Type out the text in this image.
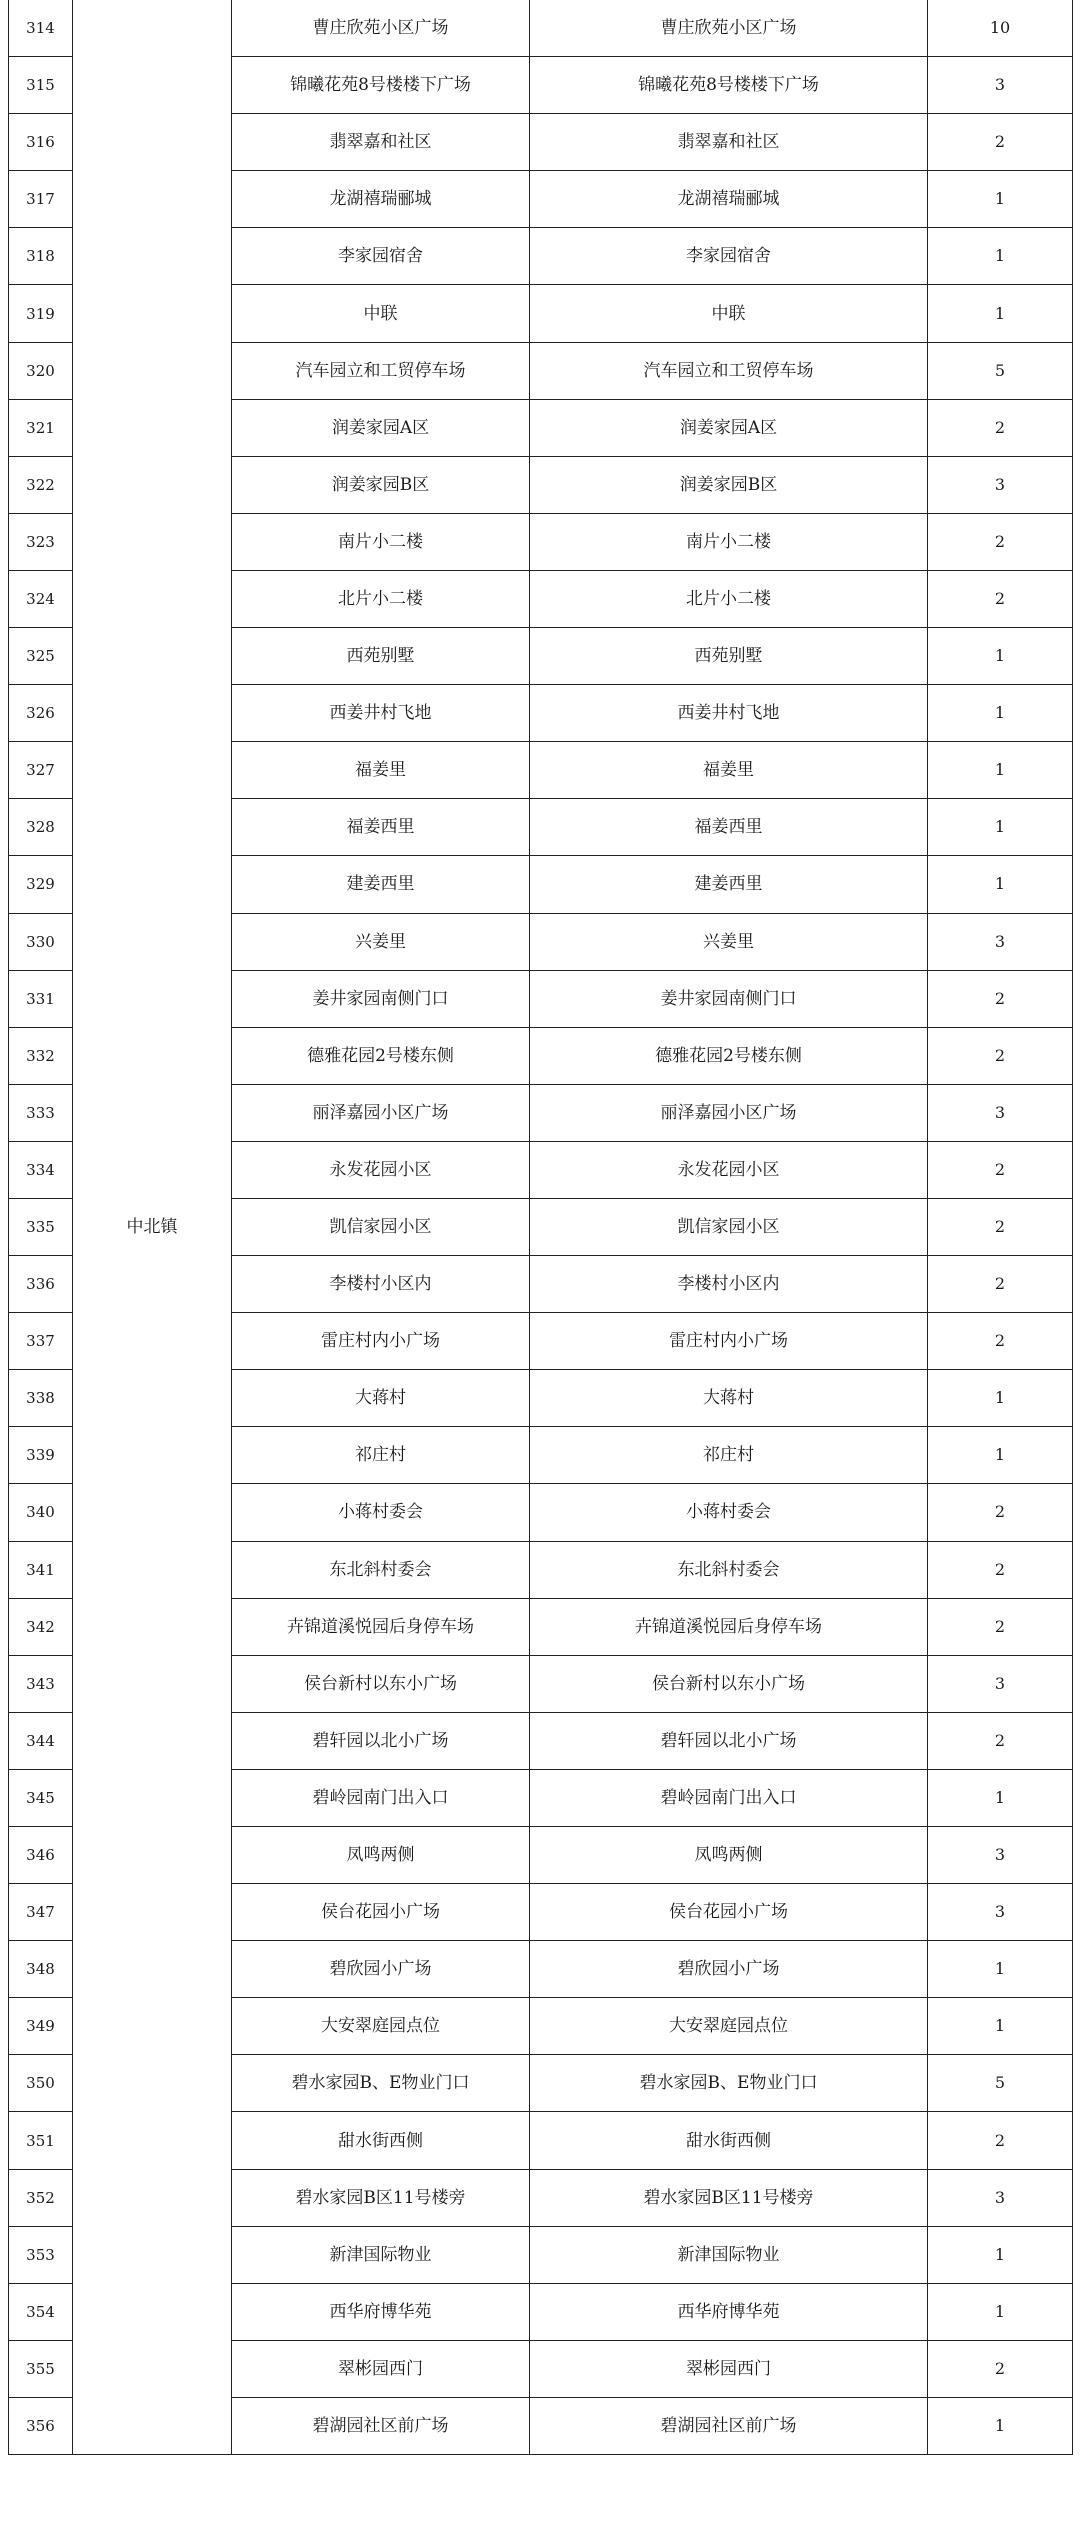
314	中北镇	曹庄欣苑小区广场	曹庄欣苑小区广场	10
315		锦曦花苑8号楼楼下广场	锦曦花苑8号楼楼下广场	3
316		翡翠嘉和社区	翡翠嘉和社区	2
317		龙湖禧瑞郦城	龙湖禧瑞郦城	1
318		李家园宿舍	李家园宿舍	1
319		中联	中联	1
320		汽车园立和工贸停车场	汽车园立和工贸停车场	5
321		润姜家园A区	润姜家园A区	2
322		润姜家园B区	润姜家园B区	3
323		南片小二楼	南片小二楼	2
324		北片小二楼	北片小二楼	2
325		西苑别墅	西苑别墅	1
326		西姜井村飞地	西姜井村飞地	1
327		福姜里	福姜里	1
328		福姜西里	福姜西里	1
329		建姜西里	建姜西里	1
330		兴姜里	兴姜里	3
331		姜井家园南侧门口	姜井家园南侧门口	2
332		德雅花园2号楼东侧	德雅花园2号楼东侧	2
333		丽泽嘉园小区广场	丽泽嘉园小区广场	3
334		永发花园小区	永发花园小区	2
335		凯信家园小区	凯信家园小区	2
336		李楼村小区内	李楼村小区内	2
337		雷庄村内小广场	雷庄村内小广场	2
338		大蒋村	大蒋村	1
339		祁庄村	祁庄村	1
340		小蒋村委会	小蒋村委会	2
341		东北斜村委会	东北斜村委会	2
342		卉锦道溪悦园后身停车场	卉锦道溪悦园后身停车场	2
343		侯台新村以东小广场	侯台新村以东小广场	3
344		碧轩园以北小广场	碧轩园以北小广场	2
345		碧岭园南门出入口	碧岭园南门出入口	1
346		凤鸣两侧	凤鸣两侧	3
347		侯台花园小广场	侯台花园小广场	3
348		碧欣园小广场	碧欣园小广场	1
349		大安翠庭园点位	大安翠庭园点位	1
350		碧水家园B、E物业门口	碧水家园B、E物业门口	5
351		甜水街西侧	甜水街西侧	2
352		碧水家园B区11号楼旁	碧水家园B区11号楼旁	3
353		新津国际物业	新津国际物业	1
354		西华府博华苑	西华府博华苑	1
355		翠彬园西门	翠彬园西门	2
356		碧湖园社区前广场	碧湖园社区前广场	1
